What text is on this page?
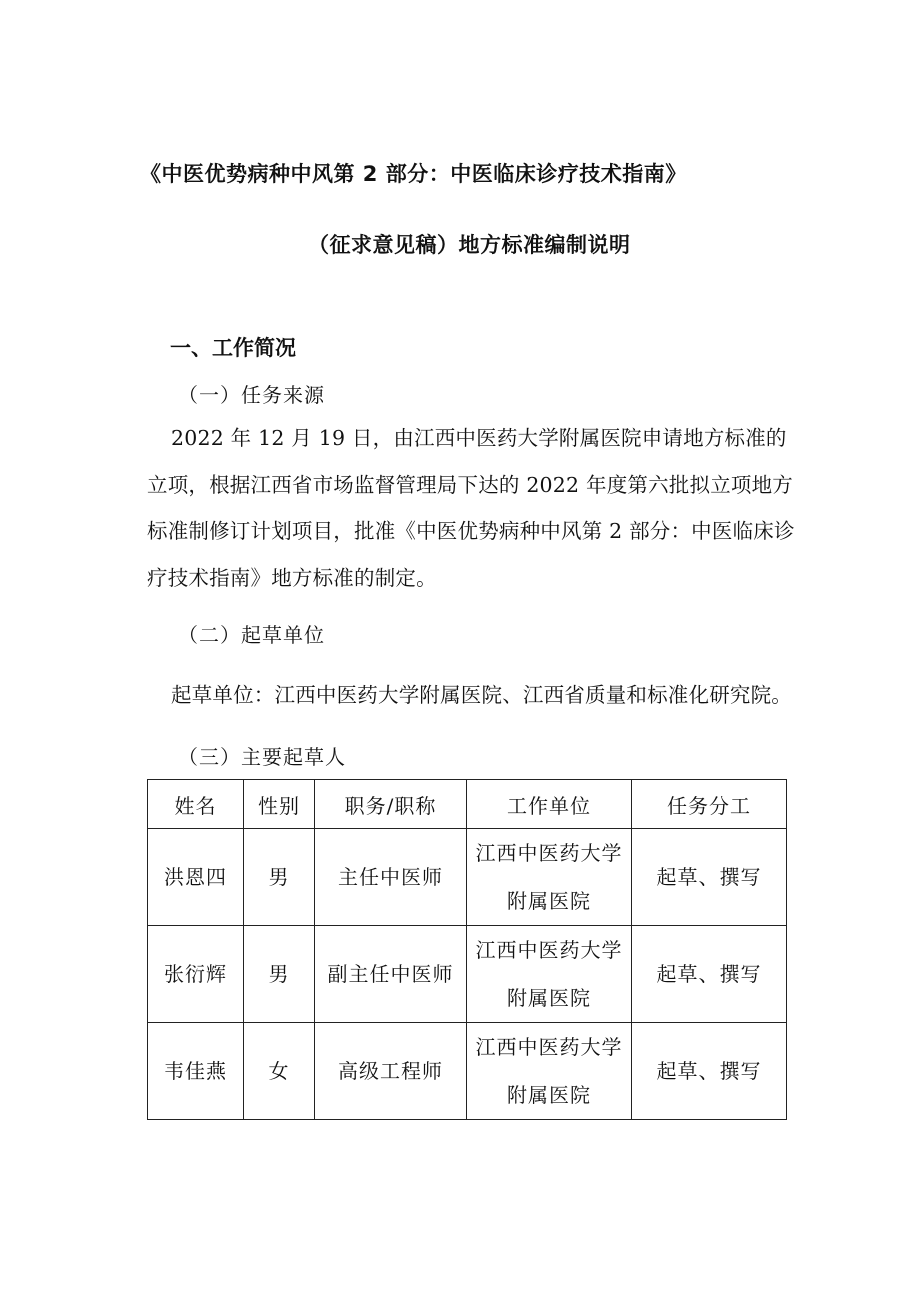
《中医优势病种中风第 2 部分：中医临床诊疗技术指南》
（征求意见稿）地方标准编制说明
一、工作简况
（一）任务来源
2022 年 12 月 19 日，由江西中医药大学附属医院申请地方标准的立项，根据江西省市场监督管理局下达的 2022 年度第六批拟立项地方标准制修订计划项目，批准《中医优势病种中风第 2 部分：中医临床诊疗技术指南》地方标准的制定。
（二）起草单位
起草单位：江西中医药大学附属医院、江西省质量和标准化研究院。
（三）主要起草人
姓名	性别	职务/职称	工作单位	任务分工
洪恩四	男	主任中医师	江西中医药大学附属医院	起草、撰写
张衍辉	男	副主任中医师	江西中医药大学附属医院	起草、撰写
韦佳燕	女	高级工程师	江西中医药大学附属医院	起草、撰写
